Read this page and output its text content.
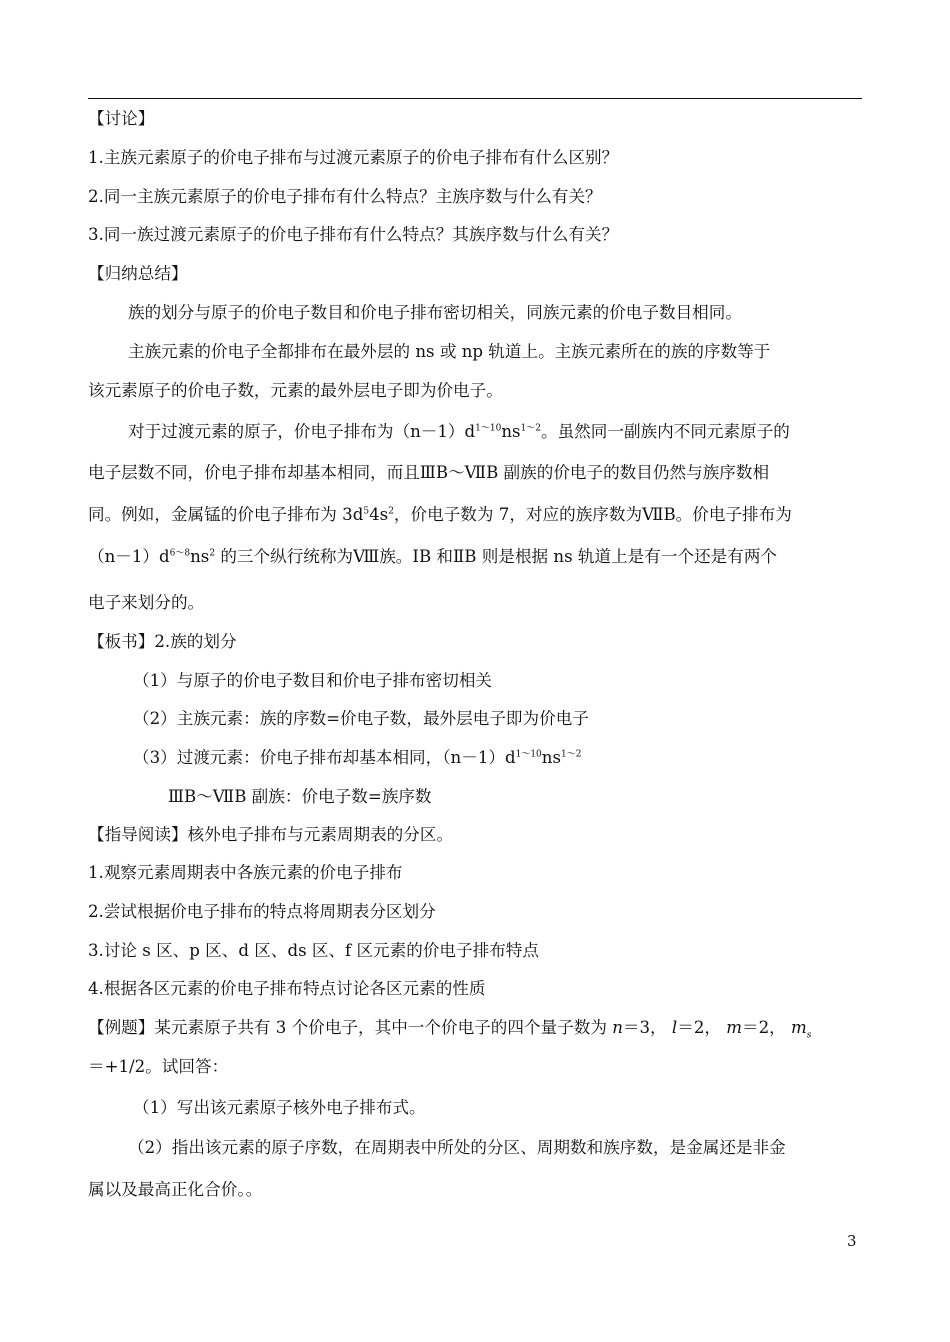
【讨论】
1.主族元素原子的价电子排布与过渡元素原子的价电子排布有什么区别？
2.同一主族元素原子的价电子排布有什么特点？主族序数与什么有关？
3.同一族过渡元素原子的价电子排布有什么特点？其族序数与什么有关？
【归纳总结】
族的划分与原子的价电子数目和价电子排布密切相关，同族元素的价电子数目相同。
主族元素的价电子全都排布在最外层的 ns 或 np 轨道上。主族元素所在的族的序数等于
该元素原子的价电子数，元素的最外层电子即为价电子。
对于过渡元素的原子，价电子排布为$(n-1)d^{1\sim 10}ns^{1\sim 2}$。虽然同一副族内不同元素原子的
电子层数不同，价电子排布却基本相同，而且ⅢB～ⅦB 副族的价电子的数目仍然与族序数相
同。例如，金属锰的价电子排布为 $3d^54s^2$，价电子数为 7，对应的族序数为ⅦB。价电子排布为
$(n-1)d^{6\sim 8}ns^2$ 的三个纵行统称为Ⅷ族。ⅠB 和ⅡB 则是根据 ns 轨道上是有一个还是有两个
电子来划分的。
【板书】2.族的划分
（1）与原子的价电子数目和价电子排布密切相关
（2）主族元素：族的序数=价电子数，最外层电子即为价电子
（3）过渡元素：价电子排布却基本相同，$(n-1)d^{1\sim 10}ns^{1\sim 2}$
ⅢB～ⅦB 副族：价电子数=族序数
【指导阅读】核外电子排布与元素周期表的分区。
1.观察元素周期表中各族元素的价电子排布
2.尝试根据价电子排布的特点将周期表分区划分
3.讨论 s 区、p 区、d 区、ds 区、f 区元素的价电子排布特点
4.根据各区元素的价电子排布特点讨论各区元素的性质
【例题】某元素原子共有 3 个价电子，其中一个价电子的四个量子数为 n＝3， l＝2， m＝2， $m_s$
＝+1/2。试回答：
（1）写出该元素原子核外电子排布式。
（2）指出该元素的原子序数，在周期表中所处的分区、周期数和族序数，是金属还是非金
属以及最高正化合价。。
3
